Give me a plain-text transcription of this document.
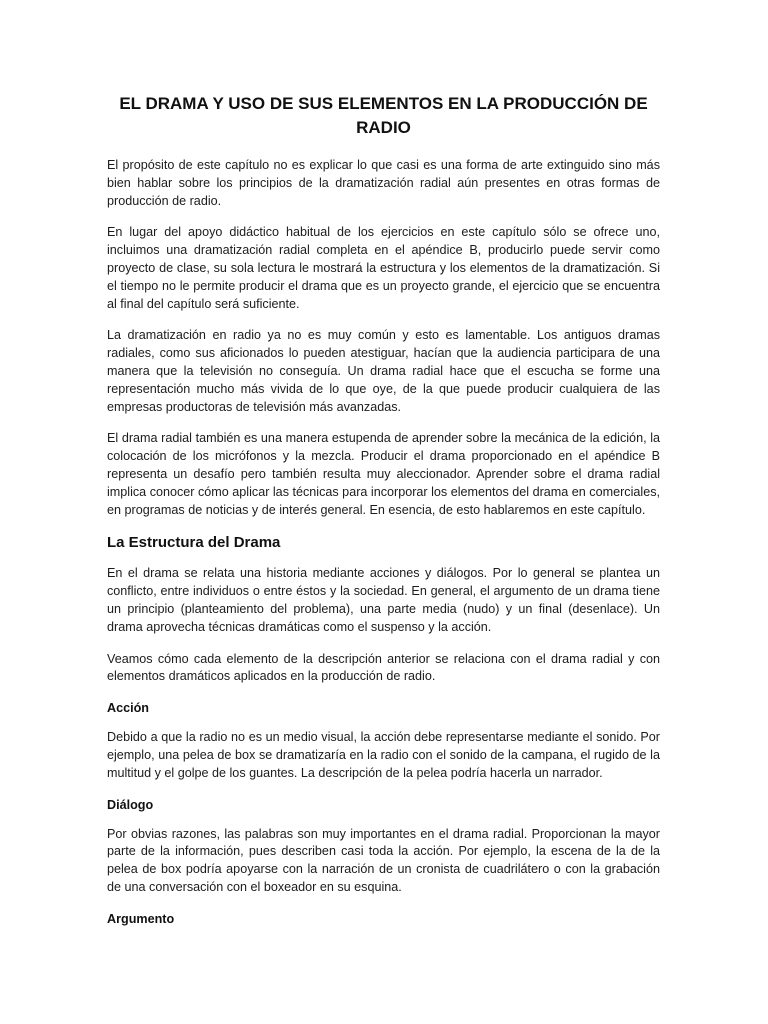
EL DRAMA Y USO DE SUS ELEMENTOS EN LA PRODUCCIÓN DE RADIO

El propósito de este capítulo no es explicar lo que casi es una forma de arte extinguido sino más bien hablar sobre los principios de la dramatización radial aún presentes en otras formas de producción de radio.

En lugar del apoyo didáctico habitual de los ejercicios en este capítulo sólo se ofrece uno, incluimos una dramatización radial completa en el apéndice B, producirlo puede servir como proyecto de clase, su sola lectura le mostrará la estructura y los elementos de la dramatización. Si el tiempo no le permite producir el drama que es un proyecto grande, el ejercicio que se encuentra al final del capítulo será suficiente.

La dramatización en radio ya no es muy común y esto es lamentable. Los antiguos dramas radiales, como sus aficionados lo pueden atestiguar, hacían que la audiencia participara de una manera que la televisión no conseguía. Un drama radial hace que el escucha se forme una representación mucho más vivida de lo que oye, de la que puede producir cualquiera de las empresas productoras de televisión más avanzadas.

El drama radial también es una manera estupenda de aprender sobre la mecánica de la edición, la colocación de los micrófonos y la mezcla. Producir el drama proporcionado en el apéndice B representa un desafío pero también resulta muy aleccionador. Aprender sobre el drama radial implica conocer cómo aplicar las técnicas para incorporar los elementos del drama en comerciales, en programas de noticias y de interés general. En esencia, de esto hablaremos en este capítulo.

La Estructura del Drama

En el drama se relata una historia mediante acciones y diálogos. Por lo general se plantea un conflicto, entre individuos o entre éstos y la sociedad. En general, el argumento de un drama tiene un principio (planteamiento del problema), una parte media (nudo) y un final (desenlace). Un drama aprovecha técnicas dramáticas como el suspenso y la acción.

Veamos cómo cada elemento de la descripción anterior se relaciona con el drama radial y con elementos dramáticos aplicados en la producción de radio.

Acción

Debido a que la radio no es un medio visual, la acción debe representarse mediante el sonido. Por ejemplo, una pelea de box se dramatizaría en la radio con el sonido de la campana, el rugido de la multitud y el golpe de los guantes. La descripción de la pelea podría hacerla un narrador.

Diálogo

Por obvias razones, las palabras son muy importantes en el drama radial. Proporcionan la mayor parte de la información, pues describen casi toda la acción. Por ejemplo, la escena de la de la pelea de box podría apoyarse con la narración de un cronista de cuadrilátero o con la grabación de una conversación con el boxeador en su esquina.

Argumento
